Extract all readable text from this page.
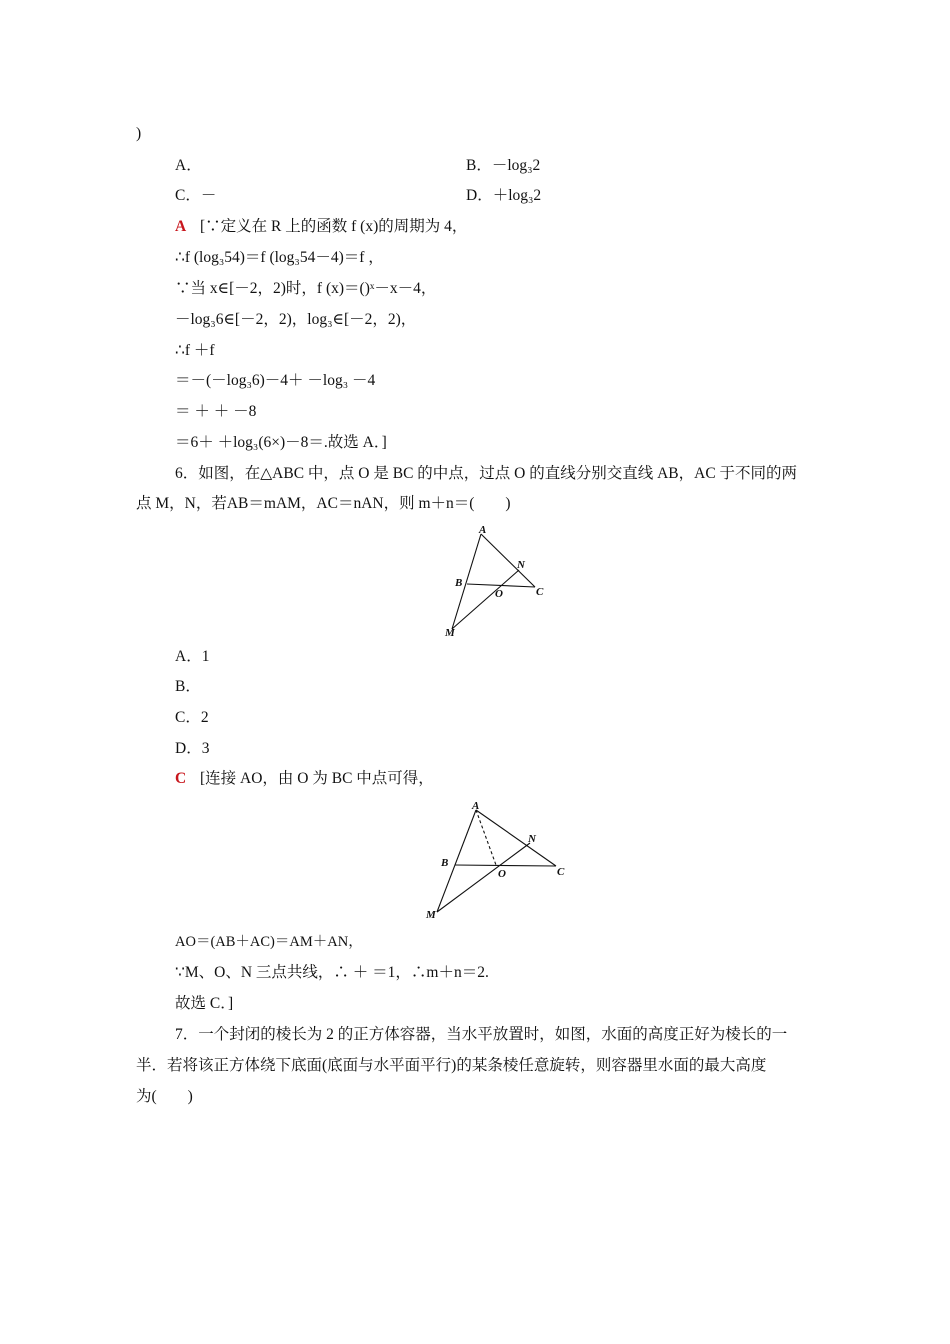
)
A．	B．－log₃2
C．－	D．＋log₃2
A [∵定义在 R 上的函数 f (x)的周期为 4，
∴f (log₃54)＝f (log₃54－4)＝f ，
∵当 x∈[－2，2)时，f (x)＝()ˣ－x－4，
－log₃6∈[－2，2)，log₃∈[－2，2)，
∴f ＋f
＝－(－log₃6)－4＋ －log₃ －4
＝ ＋ ＋ －8
＝6＋ ＋log₃(6×)－8＝.故选 A．]
6．如图，在△ABC 中，点 O 是 BC 的中点，过点 O 的直线分别交直线 AB，AC 于不同的两
点 M，N，若AB＝mAM，AC＝nAN，则 m＋n＝(　　)
A
B
C
N
O
M
A．1
B．
C．2
D．3
C [连接 AO，由 O 为 BC 中点可得，
A
B
C
N
O
M
AO＝(AB＋AC)＝AM＋AN，
∵M、O、N 三点共线，∴ ＋ ＝1，∴m＋n＝2.
故选 C．]
7．一个封闭的棱长为 2 的正方体容器，当水平放置时，如图，水面的高度正好为棱长的一
半．若将该正方体绕下底面(底面与水平面平行)的某条棱任意旋转，则容器里水面的最大高度
为(　　)
